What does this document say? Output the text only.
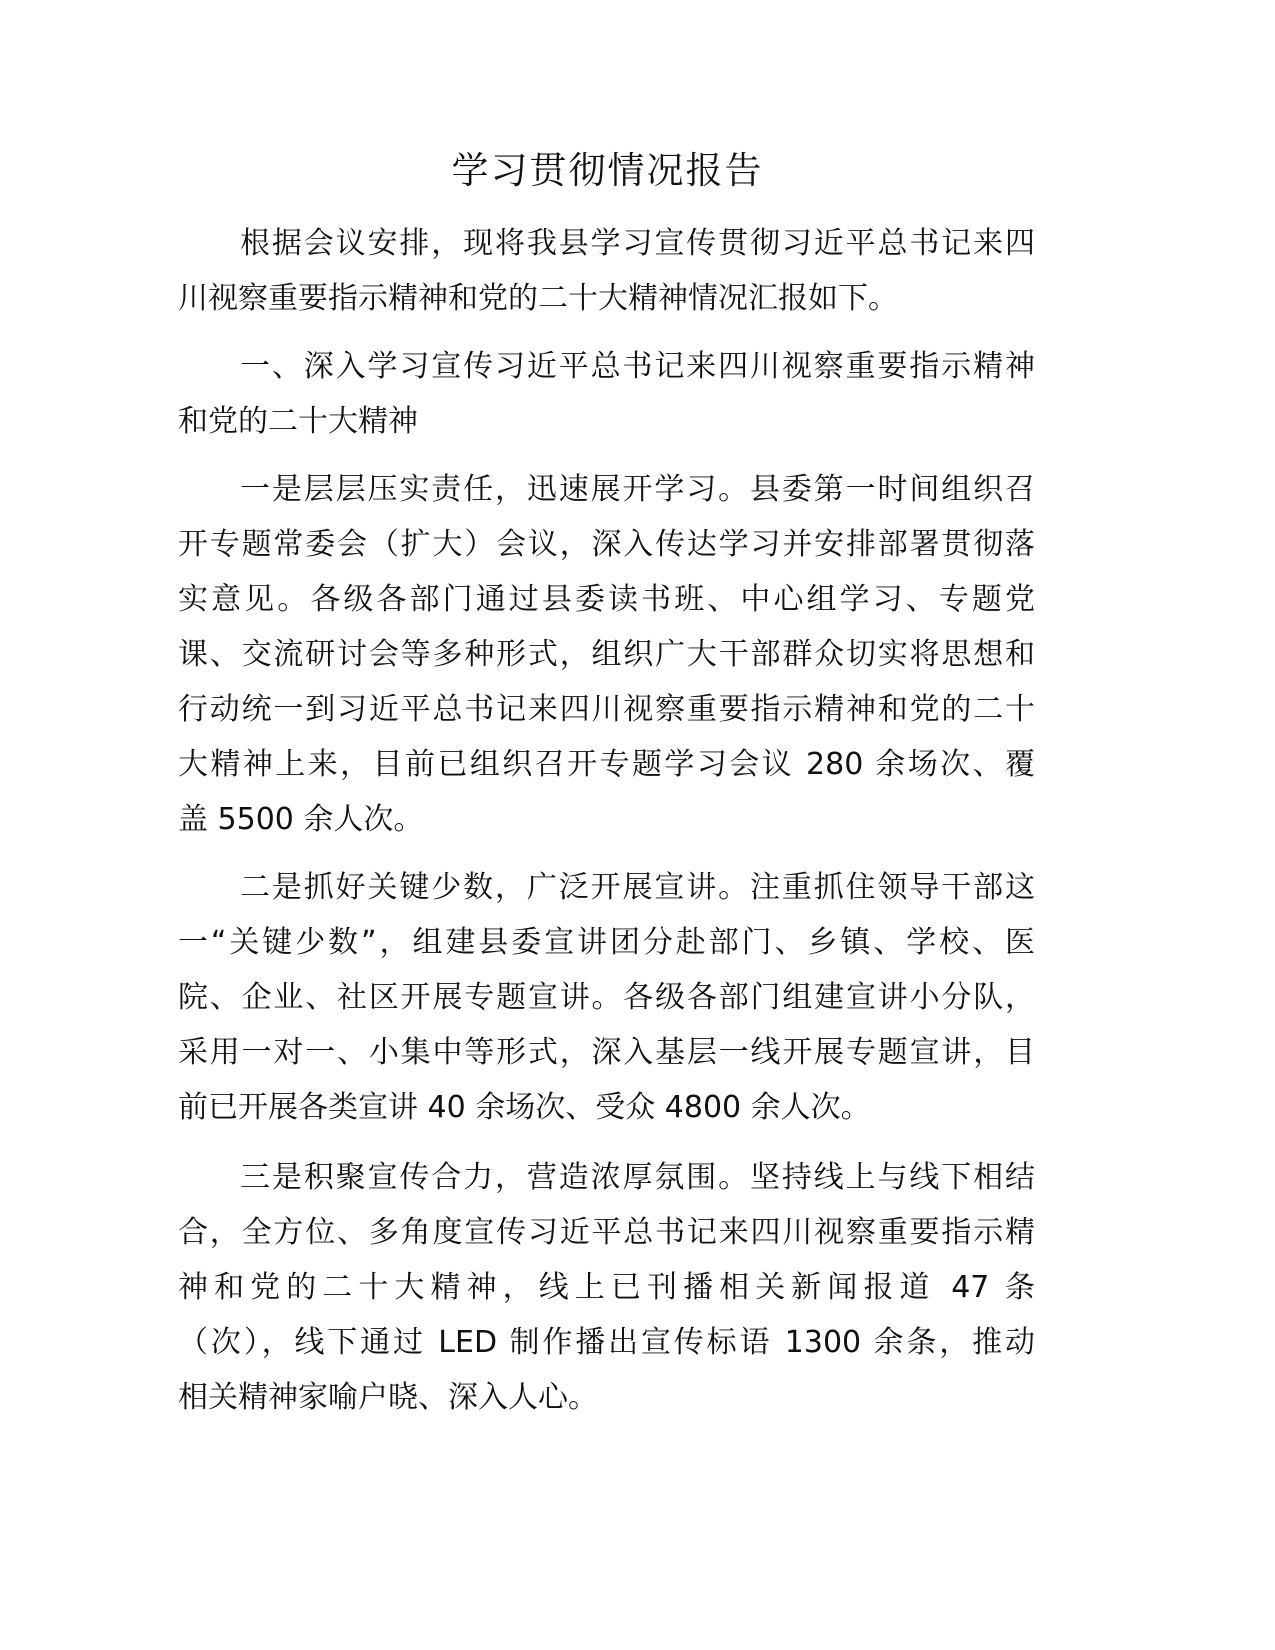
学习贯彻情况报告
根据会议安排，现将我县学习宣传贯彻习近平总书记来四
川视察重要指示精神和党的二十大精神情况汇报如下。
一、深入学习宣传习近平总书记来四川视察重要指示精神
和党的二十大精神
一是层层压实责任，迅速展开学习。县委第一时间组织召
开专题常委会（扩大）会议，深入传达学习并安排部署贯彻落
实意见。各级各部门通过县委读书班、中心组学习、专题党
课、交流研讨会等多种形式，组织广大干部群众切实将思想和
行动统一到习近平总书记来四川视察重要指示精神和党的二十
大精神上来，目前已组织召开专题学习会议 280 余场次、覆
盖 5500 余人次。
二是抓好关键少数，广泛开展宣讲。注重抓住领导干部这
一“关键少数”，组建县委宣讲团分赴部门、乡镇、学校、医
院、企业、社区开展专题宣讲。各级各部门组建宣讲小分队，
采用一对一、小集中等形式，深入基层一线开展专题宣讲，目
前已开展各类宣讲 40 余场次、受众 4800 余人次。
三是积聚宣传合力，营造浓厚氛围。坚持线上与线下相结
合，全方位、多角度宣传习近平总书记来四川视察重要指示精
神和党的二十大精神，线上已刊播相关新闻报道 47 条
（次），线下通过 LED 制作播出宣传标语 1300 余条，推动
相关精神家喻户晓、深入人心。
